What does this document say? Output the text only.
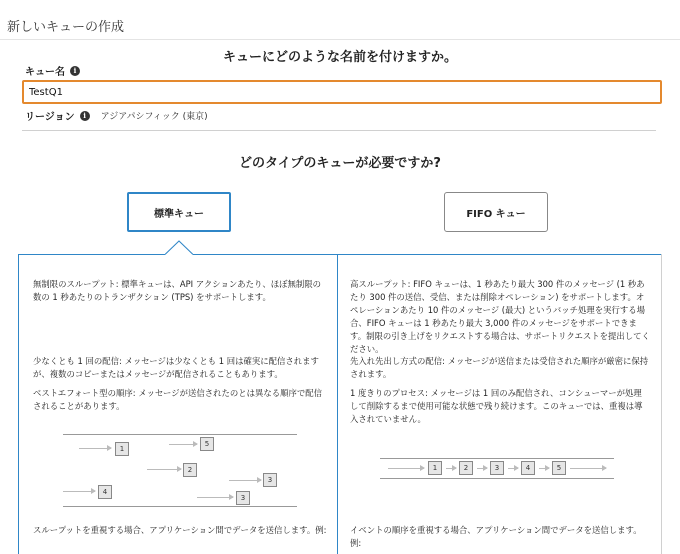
新しいキューの作成
キューにどのような名前を付けますか。
キュー名	i
TestQ1
リージョン	i	アジアパシフィック (東京)
どのタイプのキューが必要ですか?
標準キュー	FIFO キュー
無制限のスループット: 標準キューは、API アクションあたり、ほぼ無制限の数の 1 秒あたりのトランザクション (TPS) をサポートします。
少なくとも 1 回の配信: メッセージは少なくとも 1 回は確実に配信されますが、複数のコピーまたはメッセージが配信されることもあります。
ベストエフォート型の順序: メッセージが送信されたのとは異なる順序で配信されることがあります。
1
5
2
3
4
3
スループットを重視する場合、アプリケーション間でデータを送信します。例:
高スループット: FIFO キューは、1 秒あたり最大 300 件のメッセージ (1 秒あたり 300 件の送信、受信、または削除オペレーション) をサポートします。オペレーションあたり 10 件のメッセージ (最大) というバッチ処理を実行する場合、FIFO キューは 1 秒あたり最大 3,000 件のメッセージをサポートできます。制限の引き上げをリクエストする場合は、サポートリクエストを提出してください。
先入れ先出し方式の配信: メッセージが送信または受信された順序が厳密に保持されます。
1 度きりのプロセス: メッセージは 1 回のみ配信され、コンシューマーが処理して削除するまで使用可能な状態で残り続けます。このキューでは、重複は導入されていません。
1	2	3	4	5
イベントの順序を重視する場合、アプリケーション間でデータを送信します。例:
